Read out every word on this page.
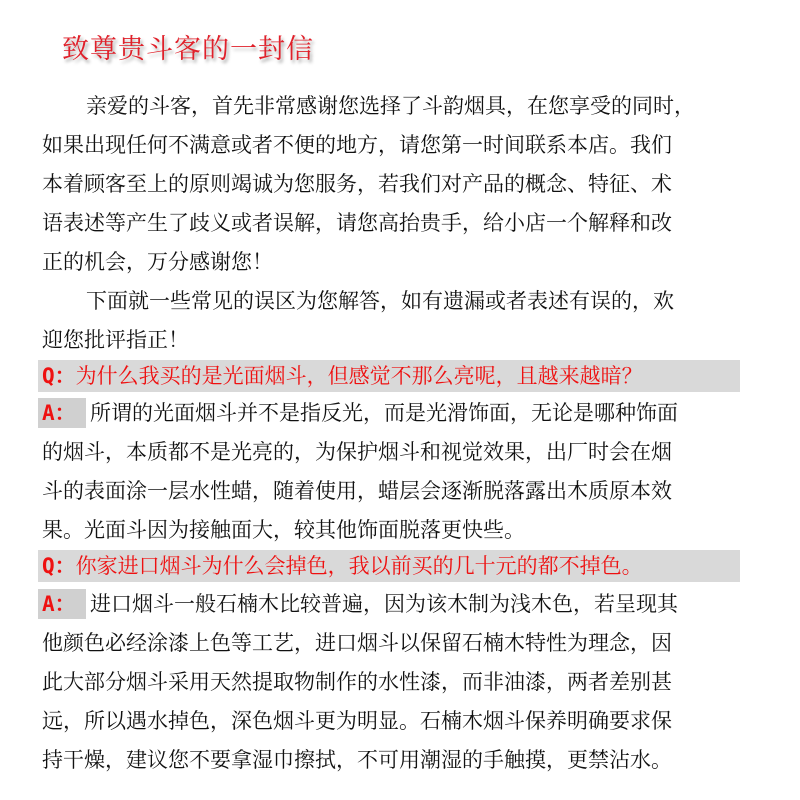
致尊贵斗客的一封信
亲爱的斗客，首先非常感谢您选择了斗韵烟具，在您享受的同时，
如果出现任何不满意或者不便的地方，请您第一时间联系本店。我们
本着顾客至上的原则竭诚为您服务，若我们对产品的概念、特征、术
语表述等产生了歧义或者误解，请您高抬贵手，给小店一个解释和改
正的机会，万分感谢您！
下面就一些常见的误区为您解答，如有遗漏或者表述有误的，欢
迎您批评指正！
Q：为什么我买的是光面烟斗，但感觉不那么亮呢，且越来越暗？
A： 所谓的光面烟斗并不是指反光，而是光滑饰面，无论是哪种饰面
的烟斗，本质都不是光亮的，为保护烟斗和视觉效果，出厂时会在烟
斗的表面涂一层水性蜡，随着使用，蜡层会逐渐脱落露出木质原本效
果。光面斗因为接触面大，较其他饰面脱落更快些。
Q：你家进口烟斗为什么会掉色，我以前买的几十元的都不掉色。
A： 进口烟斗一般石楠木比较普遍，因为该木制为浅木色，若呈现其
他颜色必经涂漆上色等工艺，进口烟斗以保留石楠木特性为理念，因
此大部分烟斗采用天然提取物制作的水性漆，而非油漆，两者差别甚
远，所以遇水掉色，深色烟斗更为明显。石楠木烟斗保养明确要求保
持干燥，建议您不要拿湿巾擦拭，不可用潮湿的手触摸，更禁沾水。
